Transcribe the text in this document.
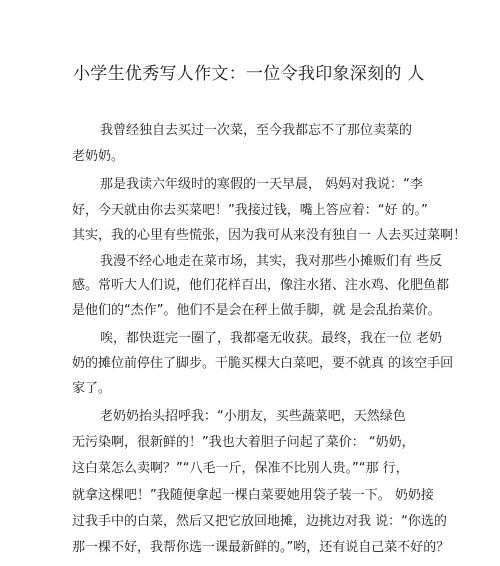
小学生优秀写人作文：一位令我印象深刻的 人
我曾经独自去买过一次菜，至今我都忘不了那位卖菜的
老奶奶。
那是我读六年级时的寒假的一天早晨， 妈妈对我说：“李
好，今天就由你去买菜吧！”我接过钱，嘴上答应着：“好 的。”
其实，我的心里有些慌张，因为我可从来没有独自一 人去买过菜啊！
我漫不经心地走在菜市场，其实，我对那些小摊贩们有 些反
感。常听大人们说，他们花样百出，像注水猪、注水鸡、化肥鱼都
是他们的“杰作”。他们不是会在秤上做手脚，就 是会乱抬菜价。
唉，都快逛完一圈了，我都毫无收获。最终，我在一位 老奶
奶的摊位前停住了脚步。干脆买棵大白菜吧，要不就真 的该空手回
家了。
老奶奶抬头招呼我：“小朋友，买些蔬菜吧，天然绿色
无污染啊，很新鲜的！”我也大着胆子问起了菜价： “奶奶，
这白菜怎么卖啊？”“八毛一斤，保准不比别人贵。”“那 行，
就拿这棵吧！”我随便拿起一棵白菜要她用袋子装一下。 奶奶接
过我手中的白菜，然后又把它放回地摊，边挑边对我 说：“你选的
那一棵不好，我帮你选一课最新鲜的。”哟，还有说自己菜不好的？
